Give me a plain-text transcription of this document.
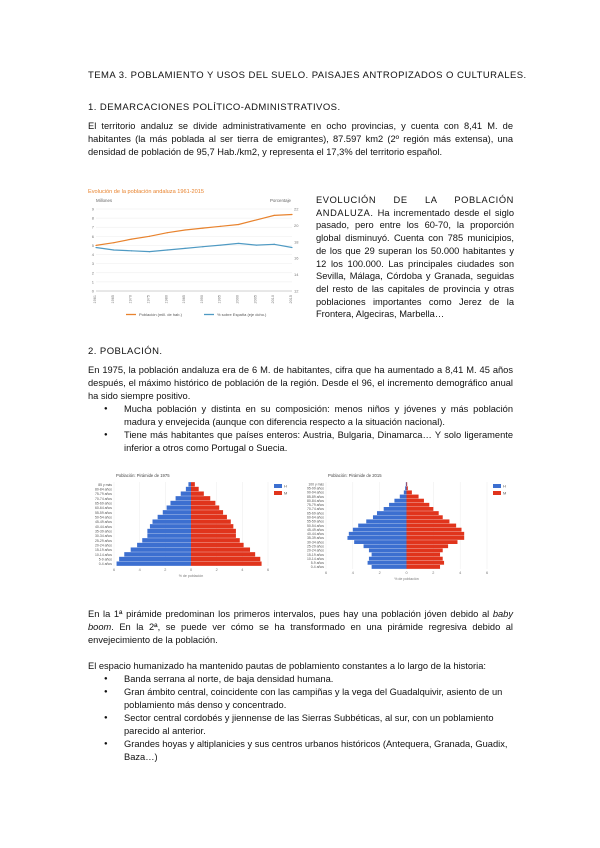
TEMA 3. POBLAMIENTO Y USOS DEL SUELO. PAISAJES ANTROPIZADOS O CULTURALES.
1. DEMARCACIONES POLÍTICO-ADMINISTRATIVOS.
El territorio andaluz se divide administrativamente en ocho provincias, y cuenta con 8,41 M. de habitantes (la más poblada al ser tierra de emigrantes), 87.597 km2 (2º región más extensa), una densidad de población de 95,7 Hab./km2, y representa el 17,3% del territorio español.
Evolución de la población andaluza 1961-2015
Millones	Porcentaje
9
8
7
6
5
4
3
2
1
0
22
20
18
16
14
12
1961	1965	1970	1975	1980	1985	1990	1995	2000	2005	2010	2015
Población (mill. de hab.)	% sobre España (eje dcho.)
EVOLUCIÓN DE LA POBLACIÓN ANDALUZA. Ha incrementado desde el siglo pasado, pero entre los 60-70, la proporción global disminuyó. Cuenta con 785 municipios, de los que 29 superan los 50.000 habitantes y 12 los 100.000. Las principales ciudades son Sevilla, Málaga, Córdoba y Granada, seguidas del resto de las capitales de provincia y otras poblaciones importantes como Jerez de la Frontera, Algeciras, Marbella…
2. POBLACIÓN.
En 1975, la población andaluza era de 6 M. de habitantes, cifra que ha aumentado a 8,41 M. 45 años después, el máximo histórico de población de la región. Desde el 96, el incremento demográfico anual ha sido siempre positivo.
● Mucha población y distinta en su composición: menos niños y jóvenes y más población madura y envejecida (aunque con diferencia respecto a la situación nacional).
● Tiene más habitantes que países enteros: Austria, Bulgaria, Dinamarca… Y solo ligeramente inferior a otros como Portugal o Suecia.
Población: Pirámide de 1975
6	4	2	0	2	4	6
% de población
0-4 años
5-9 años
10-14 años
15-19 años
20-24 años
25-29 años
30-34 años
35-39 años
40-44 años
45-49 años
50-54 años
55-59 años
60-64 años
65-69 años
70-74 años
75-79 años
80-84 años
85 y más	H
M
Población: Pirámide de 2015
6	4	2	0	2	4	6
% de población
0-4 años
5-9 años
10-14 años
15-19 años
20-24 años
25-29 años
30-34 años
35-39 años
40-44 años
45-49 años
50-54 años
55-59 años
60-64 años
65-69 años
70-74 años
75-79 años
80-84 años
85-89 años
90-94 años
95-99 años
100 y más	H
M
En la 1ª pirámide predominan los primeros intervalos, pues hay una población jóven debido al baby boom. En la 2ª, se puede ver cómo se ha transformado en una pirámide regresiva debido al envejecimiento de la población.
El espacio humanizado ha mantenido pautas de poblamiento constantes a lo largo de la historia:
● Banda serrana al norte, de baja densidad humana.
● Gran ámbito central, coincidente con las campiñas y la vega del Guadalquivir, asiento de un poblamiento más denso y concentrado.
● Sector central cordobés y jiennense de las Sierras Subbéticas, al sur, con un poblamiento parecido al anterior.
● Grandes hoyas y altiplanicies y sus centros urbanos históricos (Antequera, Granada, Guadix, Baza…)
